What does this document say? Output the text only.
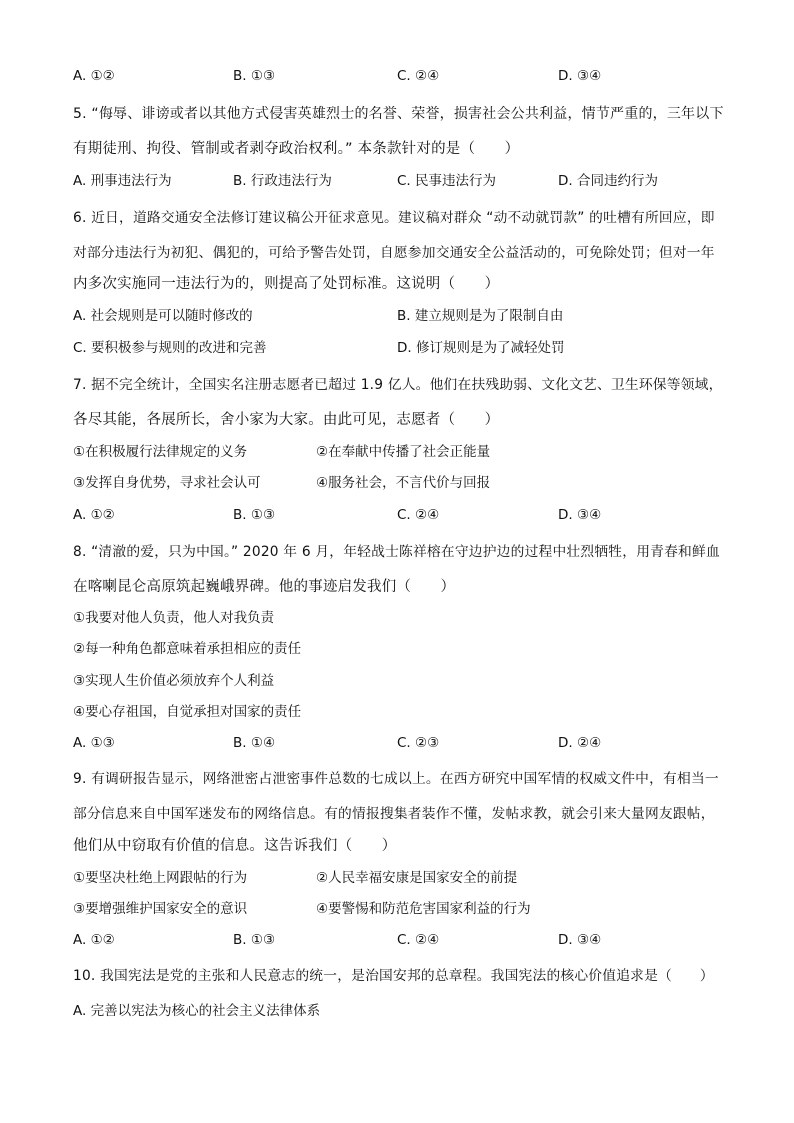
A. ①②	B. ①③	C. ②④	D. ③④
5. “侮辱、诽谤或者以其他方式侵害英雄烈士的名誉、荣誉，损害社会公共利益，情节严重的，三年以下
有期徒刑、拘役、管制或者剥夺政治权利。” 本条款针对的是（　　）
A. 刑事违法行为	B. 行政违法行为	C. 民事违法行为	D. 合同违约行为
6. 近日，道路交通安全法修订建议稿公开征求意见。建议稿对群众 “动不动就罚款” 的吐槽有所回应，即
对部分违法行为初犯、偶犯的，可给予警告处罚，自愿参加交通安全公益活动的，可免除处罚；但对一年
内多次实施同一违法行为的，则提高了处罚标准。这说明（　　）
A. 社会规则是可以随时修改的	B. 建立规则是为了限制自由
C. 要积极参与规则的改进和完善	D. 修订规则是为了减轻处罚
7. 据不完全统计，全国实名注册志愿者已超过 1.9 亿人。他们在扶残助弱、文化文艺、卫生环保等领域，
各尽其能，各展所长，舍小家为大家。由此可见，志愿者（　　）
①在积极履行法律规定的义务	②在奉献中传播了社会正能量
③发挥自身优势，寻求社会认可	④服务社会，不言代价与回报
A. ①②	B. ①③	C. ②④	D. ③④
8. “清澈的爱，只为中国。” 2020 年 6 月，年轻战士陈祥榕在守边护边的过程中壮烈牺牲，用青春和鲜血
在喀喇昆仑高原筑起巍峨界碑。他的事迹启发我们（　　）
①我要对他人负责，他人对我负责
②每一种角色都意味着承担相应的责任
③实现人生价值必须放弃个人利益
④要心存祖国，自觉承担对国家的责任
A. ①③	B. ①④	C. ②③	D. ②④
9. 有调研报告显示，网络泄密占泄密事件总数的七成以上。在西方研究中国军情的权威文件中，有相当一
部分信息来自中国军迷发布的网络信息。有的情报搜集者装作不懂，发帖求教，就会引来大量网友跟帖，
他们从中窃取有价值的信息。这告诉我们（　　）
①要坚决杜绝上网跟帖的行为	②人民幸福安康是国家安全的前提
③要增强维护国家安全的意识	④要警惕和防范危害国家利益的行为
A. ①②	B. ①③	C. ②④	D. ③④
10. 我国宪法是党的主张和人民意志的统一，是治国安邦的总章程。我国宪法的核心价值追求是（　　）
A. 完善以宪法为核心的社会主义法律体系
